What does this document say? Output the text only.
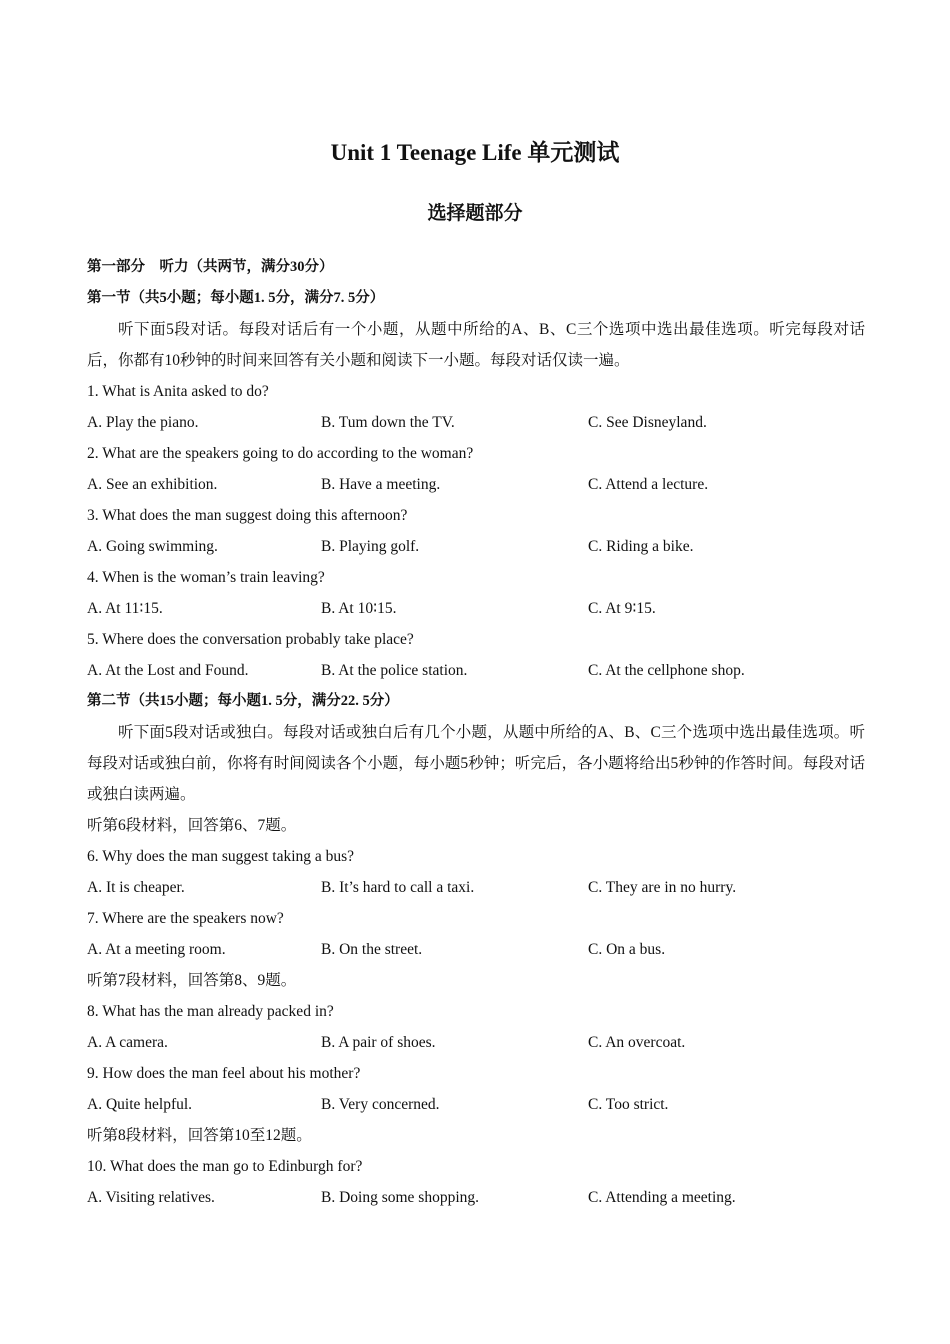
Unit 1 Teenage Life 单元测试
选择题部分
第一部分　听力（共两节，满分30分）
第一节（共5小题；每小题1. 5分，满分7. 5分）
听下面5段对话。每段对话后有一个小题，从题中所给的A、B、C三个选项中选出最佳选项。听完每段对话后，你都有10秒钟的时间来回答有关小题和阅读下一小题。每段对话仅读一遍。
1. What is Anita asked to do?
A. Play the piano.	B. Tum down the TV.	C. See Disneyland.
2. What are the speakers going to do according to the woman?
A. See an exhibition.	B. Have a meeting.	C. Attend a lecture.
3. What does the man suggest doing this afternoon?
A. Going swimming.	B. Playing golf.	C. Riding a bike.
4. When is the woman’s train leaving?
A. At 11∶15.	B. At 10∶15.	C. At 9∶15.
5. Where does the conversation probably take place?
A. At the Lost and Found.	B. At the police station.	C. At the cellphone shop.
第二节（共15小题；每小题1. 5分，满分22. 5分）
听下面5段对话或独白。每段对话或独白后有几个小题，从题中所给的A、B、C三个选项中选出最佳选项。听每段对话或独白前，你将有时间阅读各个小题，每小题5秒钟；听完后，各小题将给出5秒钟的作答时间。每段对话或独白读两遍。
听第6段材料，回答第6、7题。
6. Why does the man suggest taking a bus?
A. It is cheaper.	B. It’s hard to call a taxi.	C. They are in no hurry.
7. Where are the speakers now?
A. At a meeting room.	B. On the street.	C. On a bus.
听第7段材料，回答第8、9题。
8. What has the man already packed in?
A. A camera.	B. A pair of shoes.	C. An overcoat.
9. How does the man feel about his mother?
A. Quite helpful.	B. Very concerned.	C. Too strict.
听第8段材料，回答第10至12题。
10. What does the man go to Edinburgh for?
A. Visiting relatives.	B. Doing some shopping.	C. Attending a meeting.
